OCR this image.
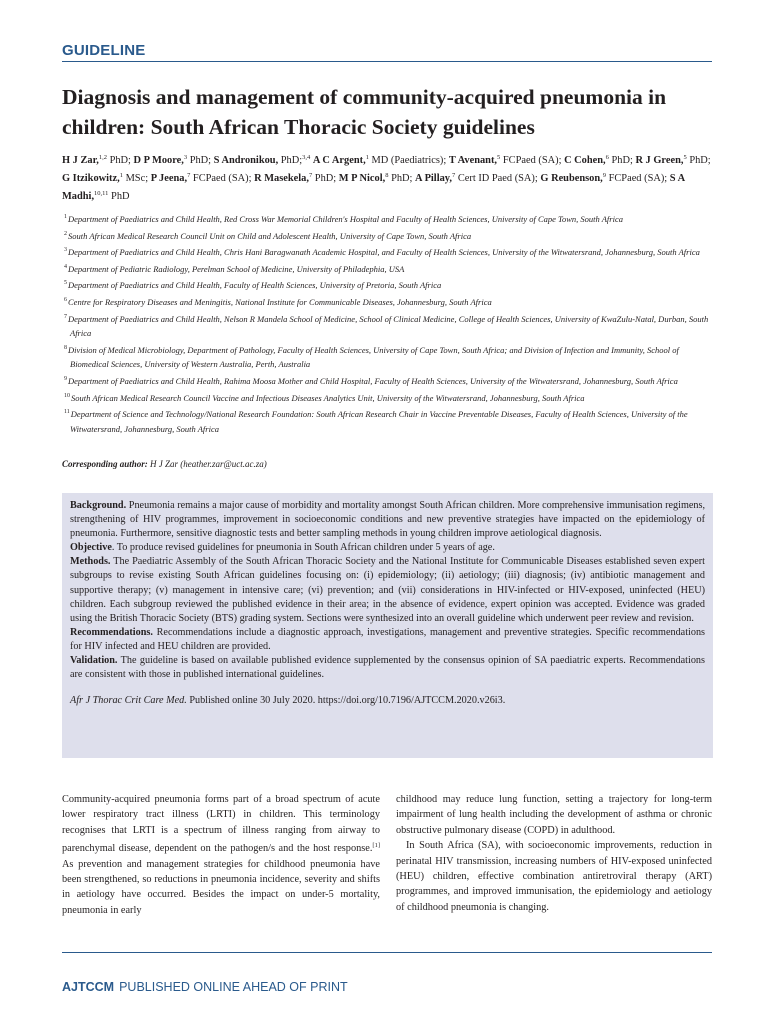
GUIDELINE
Diagnosis and management of community-acquired pneumonia in children: South African Thoracic Society guidelines

H J Zar,$^{1,2}$ PhD; D P Moore,$^3$ PhD; S Andronikou, PhD;$^{3,4}$ A C Argent,$^1$ MD (Paediatrics); T Avenant,$^5$ FCPaed (SA); C Cohen,$^6$ PhD; R J Green,$^5$ PhD; G Itzikowitz,$^1$ MSc; P Jeena,$^7$ FCPaed (SA); R Masekela,$^7$ PhD; M P Nicol,$^8$ PhD; A Pillay,$^7$ Cert ID Paed (SA); G Reubenson,$^9$ FCPaed (SA); S A Madhi,$^{10,11}$ PhD

$^1$Department of Paediatrics and Child Health, Red Cross War Memorial Children's Hospital and Faculty of Health Sciences, University of Cape Town, South Africa
$^2$South African Medical Research Council Unit on Child and Adolescent Health, University of Cape Town, South Africa
$^3$Department of Paediatrics and Child Health, Chris Hani Baragwanath Academic Hospital, and Faculty of Health Sciences, University of the Witwatersrand, Johannesburg, South Africa
$^4$Department of Pediatric Radiology, Perelman School of Medicine, University of Philadephia, USA
$^5$Department of Paediatrics and Child Health, Faculty of Health Sciences, University of Pretoria, South Africa
$^6$Centre for Respiratory Diseases and Meningitis, National Institute for Communicable Diseases, Johannesburg, South Africa
$^7$Department of Paediatrics and Child Health, Nelson R Mandela School of Medicine, School of Clinical Medicine, College of Health Sciences, University of KwaZulu-Natal, Durban, South Africa
$^8$Division of Medical Microbiology, Department of Pathology, Faculty of Health Sciences, University of Cape Town, South Africa; and Division of Infection and Immunity, School of Biomedical Sciences, University of Western Australia, Perth, Australia
$^9$Department of Paediatrics and Child Health, Rahima Moosa Mother and Child Hospital, Faculty of Health Sciences, University of the Witwatersrand, Johannesburg, South Africa
$^{10}$South African Medical Research Council Vaccine and Infectious Diseases Analytics Unit, University of the Witwatersrand, Johannesburg, South Africa
$^{11}$Department of Science and Technology/National Research Foundation: South African Research Chair in Vaccine Preventable Diseases, Faculty of Health Sciences, University of the Witwatersrand, Johannesburg, South Africa
Corresponding author: H J Zar (heather.zar@uct.ac.za)

Background. Pneumonia remains a major cause of morbidity and mortality amongst South African children. More comprehensive immunisation regimens, strengthening of HIV programmes, improvement in socioeconomic conditions and new preventive strategies have impacted on the epidemiology of pneumonia. Furthermore, sensitive diagnostic tests and better sampling methods in young children improve aetiological diagnosis.

Objective. To produce revised guidelines for pneumonia in South African children under 5 years of age.

Methods. The Paediatric Assembly of the South African Thoracic Society and the National Institute for Communicable Diseases established seven expert subgroups to revise existing South African guidelines focusing on: (i) epidemiology; (ii) aetiology; (iii) diagnosis; (iv) antibiotic management and supportive therapy; (v) management in intensive care; (vi) prevention; and (vii) considerations in HIV-infected or HIV-exposed, uninfected (HEU) children. Each subgroup reviewed the published evidence in their area; in the absence of evidence, expert opinion was accepted. Evidence was graded using the British Thoracic Society (BTS) grading system. Sections were synthesized into an overall guideline which underwent peer review and revision.

Recommendations. Recommendations include a diagnostic approach, investigations, management and preventive strategies. Specific recommendations for HIV infected and HEU children are provided.

Validation. The guideline is based on available published evidence supplemented by the consensus opinion of SA paediatric experts. Recommendations are consistent with those in published international guidelines.

Afr J Thorac Crit Care Med. Published online 30 July 2020. https://doi.org/10.7196/AJTCCM.2020.v26i3.

Community-acquired pneumonia forms part of a broad spectrum of acute lower respiratory tract illness (LRTI) in children. This terminology recognises that LRTI is a spectrum of illness ranging from airway to parenchymal disease, dependent on the pathogen/s and the host response.[1] As prevention and management strategies for childhood pneumonia have been strengthened, so reductions in pneumonia incidence, severity and shifts in aetiology have occurred. Besides the impact on under-5 mortality, pneumonia in early

childhood may reduce lung function, setting a trajectory for long-term impairment of lung health including the development of asthma or chronic obstructive pulmonary disease (COPD) in adulthood.

In South Africa (SA), with socioeconomic improvements, reduction in perinatal HIV transmission, increasing numbers of HIV-exposed uninfected (HEU) children, effective combination antiretroviral therapy (ART) programmes, and improved immunisation, the epidemiology and aetiology of childhood pneumonia is changing.

AJTCCM PUBLISHED ONLINE AHEAD OF PRINT
